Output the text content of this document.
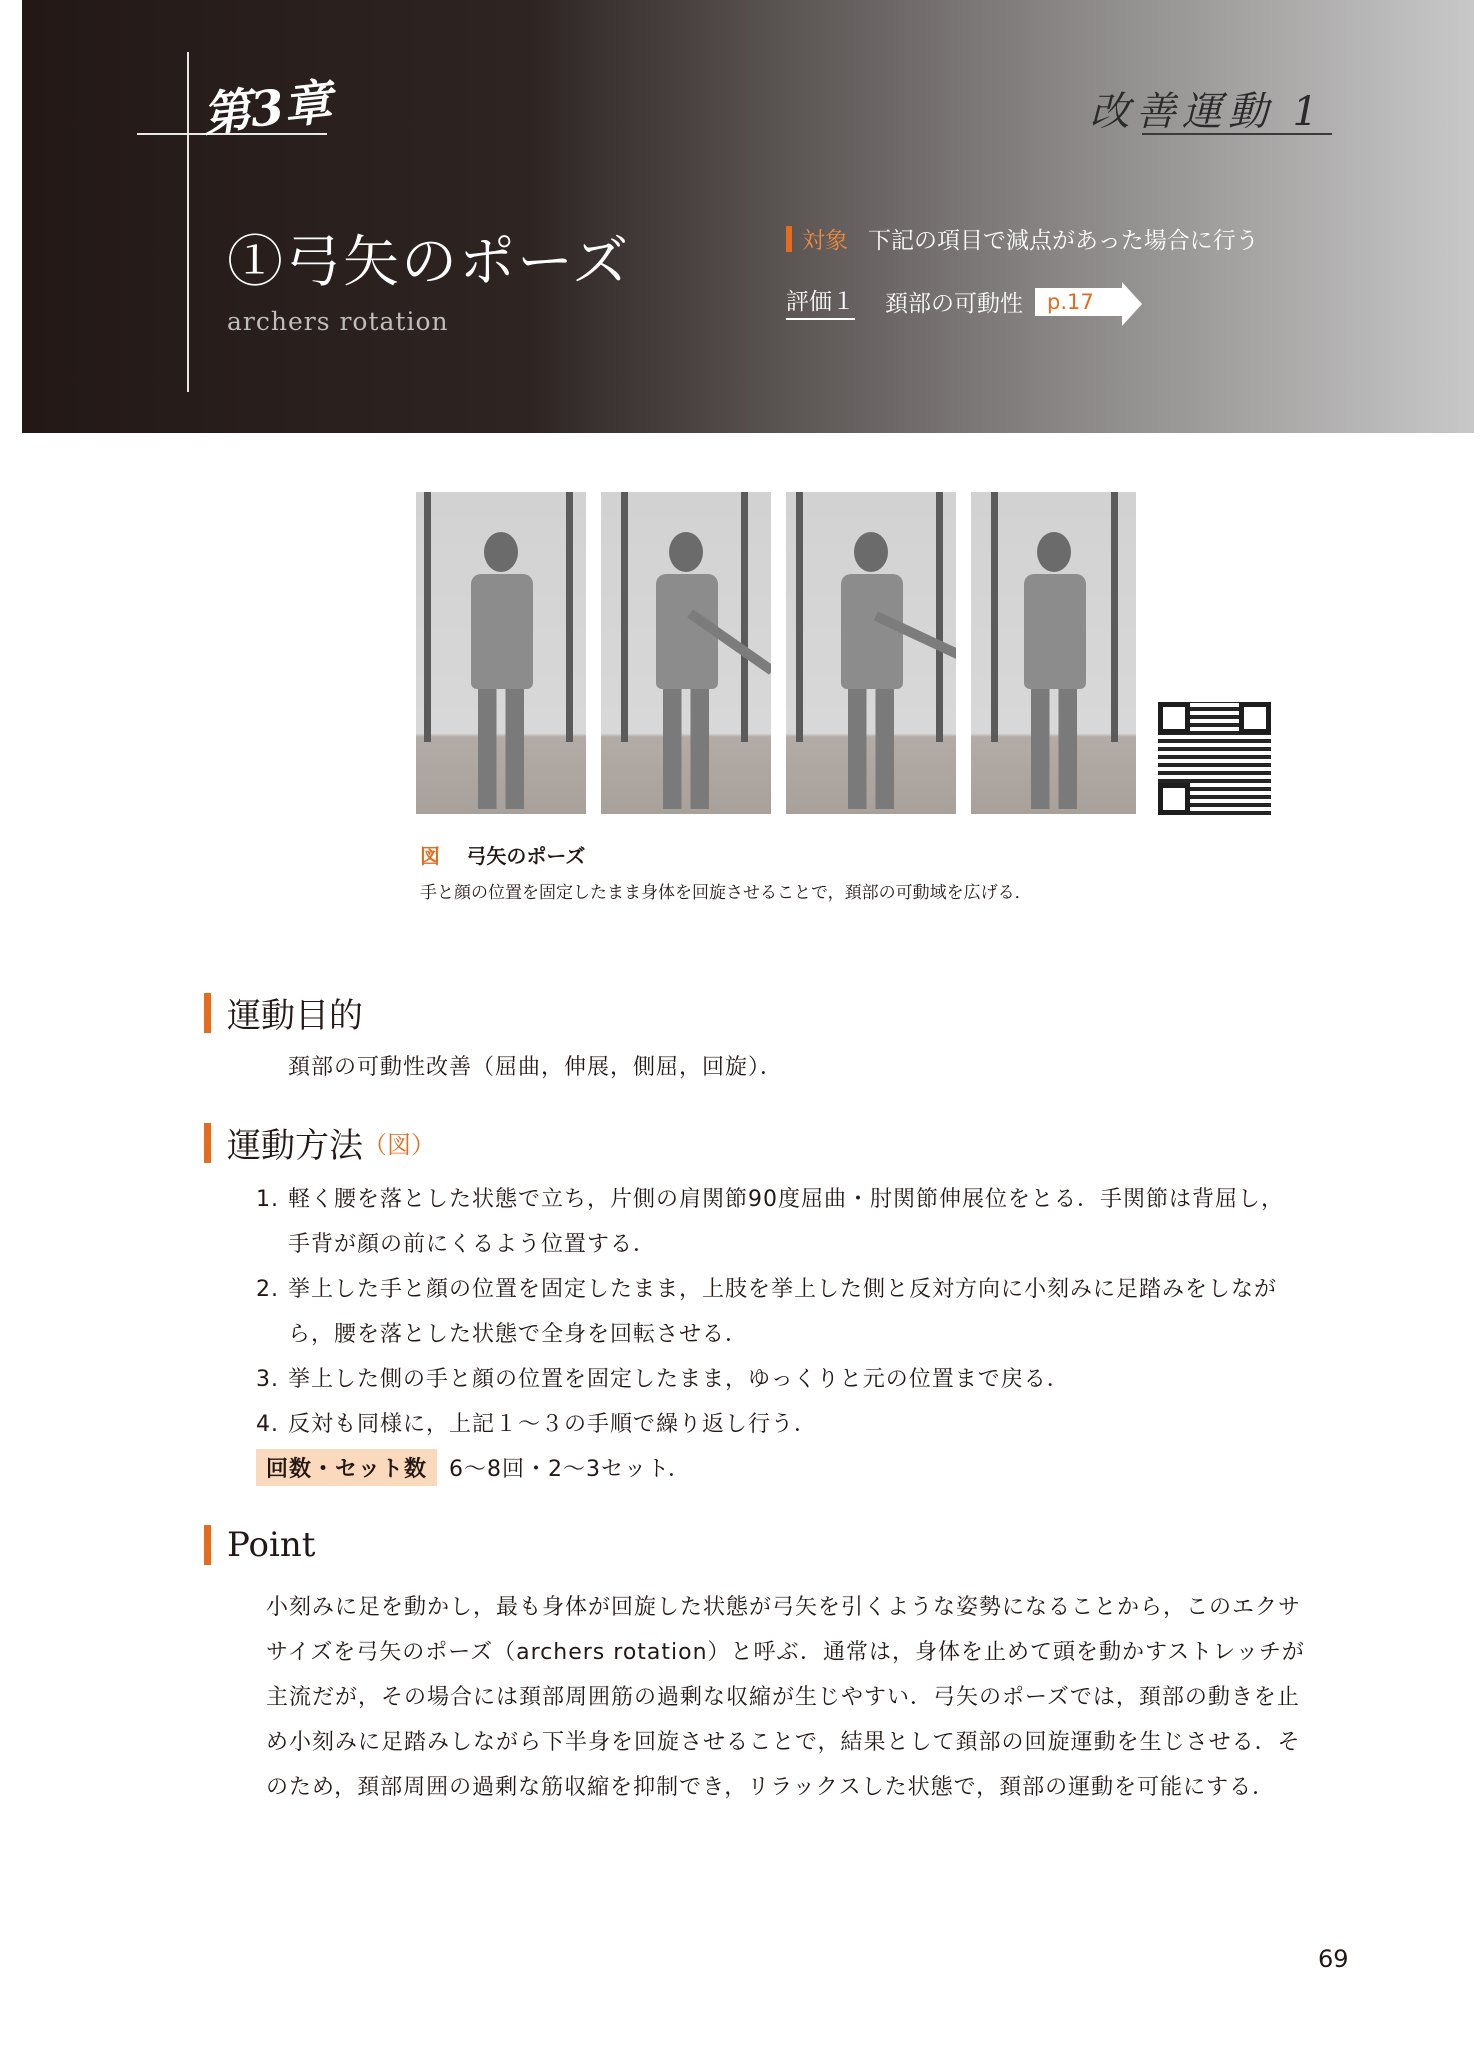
第3章	改善運動 1
①弓矢のポーズ
archers rotation
対象 下記の項目で減点があった場合に行う
評価１ 頚部の可動性	p.17
図 弓矢のポーズ
手と顔の位置を固定したまま身体を回旋させることで，頚部の可動域を広げる．
運動目的
頚部の可動性改善（屈曲，伸展，側屈，回旋）．
運動方法 （図）
1. 軽く腰を落とした状態で立ち，片側の肩関節90度屈曲・肘関節伸展位をとる．手関節は背屈し，手背が顔の前にくるよう位置する．
2. 挙上した手と顔の位置を固定したまま，上肢を挙上した側と反対方向に小刻みに足踏みをしながら，腰を落とした状態で全身を回転させる．
3. 挙上した側の手と顔の位置を固定したまま，ゆっくりと元の位置まで戻る．
4. 反対も同様に，上記１～３の手順で繰り返し行う．
回数・セット数	6～8回・2～3セット．
Point
小刻みに足を動かし，最も身体が回旋した状態が弓矢を引くような姿勢になることから，このエクササイズを弓矢のポーズ（archers rotation）と呼ぶ．通常は，身体を止めて頭を動かすストレッチが主流だが，その場合には頚部周囲筋の過剰な収縮が生じやすい．弓矢のポーズでは，頚部の動きを止め小刻みに足踏みしながら下半身を回旋させることで，結果として頚部の回旋運動を生じさせる．そのため，頚部周囲の過剰な筋収縮を抑制でき，リラックスした状態で，頚部の運動を可能にする．
69
